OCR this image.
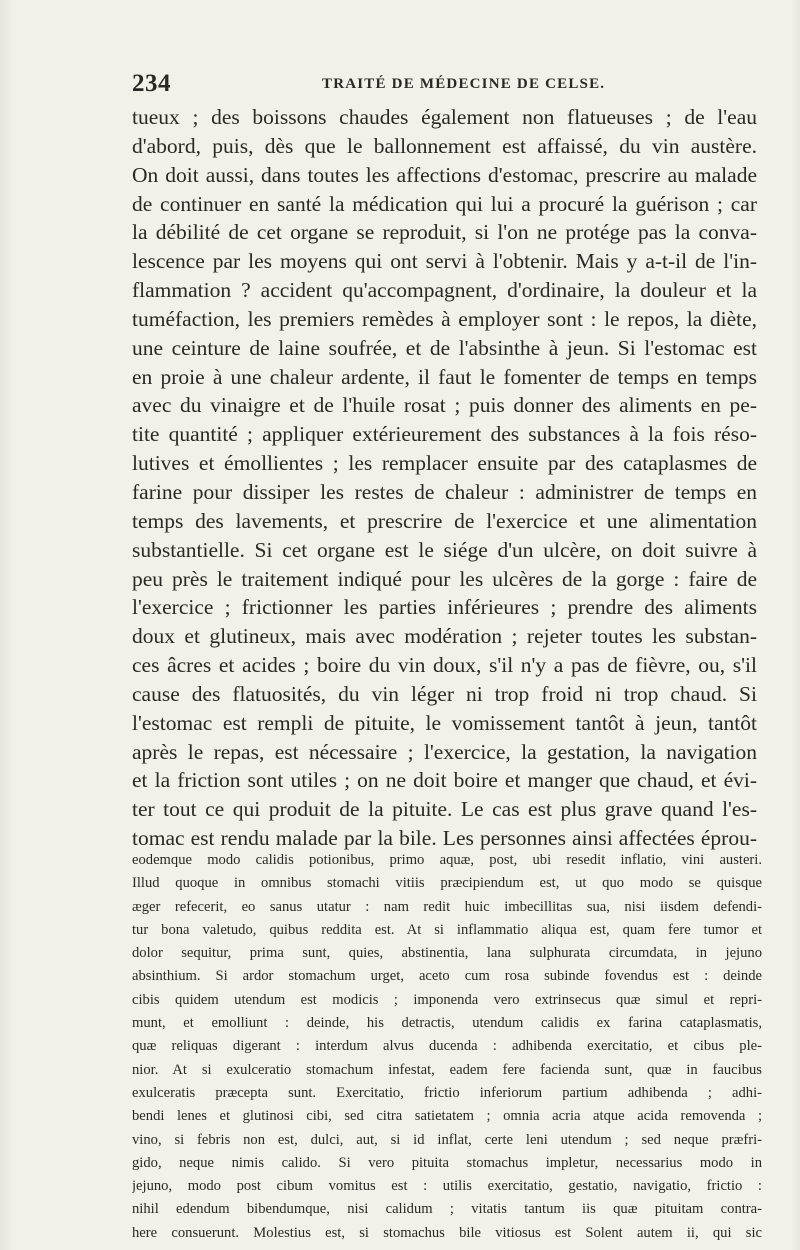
234	TRAITÉ DE MÉDECINE DE CELSE.
tueux ; des boissons chaudes également non flatueuses ; de l'eau
d'abord, puis, dès que le ballonnement est affaissé, du vin austère.
On doit aussi, dans toutes les affections d'estomac, prescrire au malade
de continuer en santé la médication qui lui a procuré la guérison ; car
la débilité de cet organe se reproduit, si l'on ne protége pas la conva-
lescence par les moyens qui ont servi à l'obtenir. Mais y a-t-il de l'in-
flammation ? accident qu'accompagnent, d'ordinaire, la douleur et la
tuméfaction, les premiers remèdes à employer sont : le repos, la diète,
une ceinture de laine soufrée, et de l'absinthe à jeun. Si l'estomac est
en proie à une chaleur ardente, il faut le fomenter de temps en temps
avec du vinaigre et de l'huile rosat ; puis donner des aliments en pe-
tite quantité ; appliquer extérieurement des substances à la fois réso-
lutives et émollientes ; les remplacer ensuite par des cataplasmes de
farine pour dissiper les restes de chaleur : administrer de temps en
temps des lavements, et prescrire de l'exercice et une alimentation
substantielle. Si cet organe est le siége d'un ulcère, on doit suivre à
peu près le traitement indiqué pour les ulcères de la gorge : faire de
l'exercice ; frictionner les parties inférieures ; prendre des aliments
doux et glutineux, mais avec modération ; rejeter toutes les substan-
ces âcres et acides ; boire du vin doux, s'il n'y a pas de fièvre, ou, s'il
cause des flatuosités, du vin léger ni trop froid ni trop chaud. Si
l'estomac est rempli de pituite, le vomissement tantôt à jeun, tantôt
après le repas, est nécessaire ; l'exercice, la gestation, la navigation
et la friction sont utiles ; on ne doit boire et manger que chaud, et évi-
ter tout ce qui produit de la pituite. Le cas est plus grave quand l'es-
tomac est rendu malade par la bile. Les personnes ainsi affectées éprou-
eodemque modo calidis potionibus, primo aquæ, post, ubi resedit inflatio, vini austeri.
Illud quoque in omnibus stomachi vitiis præcipiendum est, ut quo modo se quisque
æger refecerit, eo sanus utatur : nam redit huic imbecillitas sua, nisi iisdem defendi-
tur bona valetudo, quibus reddita est. At si inflammatio aliqua est, quam fere tumor et
dolor sequitur, prima sunt, quies, abstinentia, lana sulphurata circumdata, in jejuno
absinthium. Si ardor stomachum urget, aceto cum rosa subinde fovendus est : deinde
cibis quidem utendum est modicis ; imponenda vero extrinsecus quæ simul et repri-
munt, et emolliunt : deinde, his detractis, utendum calidis ex farina cataplasmatis,
quæ reliquas digerant : interdum alvus ducenda : adhibenda exercitatio, et cibus ple-
nior. At si exulceratio stomachum infestat, eadem fere facienda sunt, quæ in faucibus
exulceratis præcepta sunt. Exercitatio, frictio inferiorum partium adhibenda ; adhi-
bendi lenes et glutinosi cibi, sed citra satietatem ; omnia acria atque acida removenda ;
vino, si febris non est, dulci, aut, si id inflat, certe leni utendum ; sed neque præfri-
gido, neque nimis calido. Si vero pituita stomachus impletur, necessarius modo in
jejuno, modo post cibum vomitus est : utilis exercitatio, gestatio, navigatio, frictio :
nihil edendum bibendumque, nisi calidum ; vitatis tantum iis quæ pituitam contra-
here consuerunt. Molestius est, si stomachus bile vitiosus est Solent autem ii, qui sic
